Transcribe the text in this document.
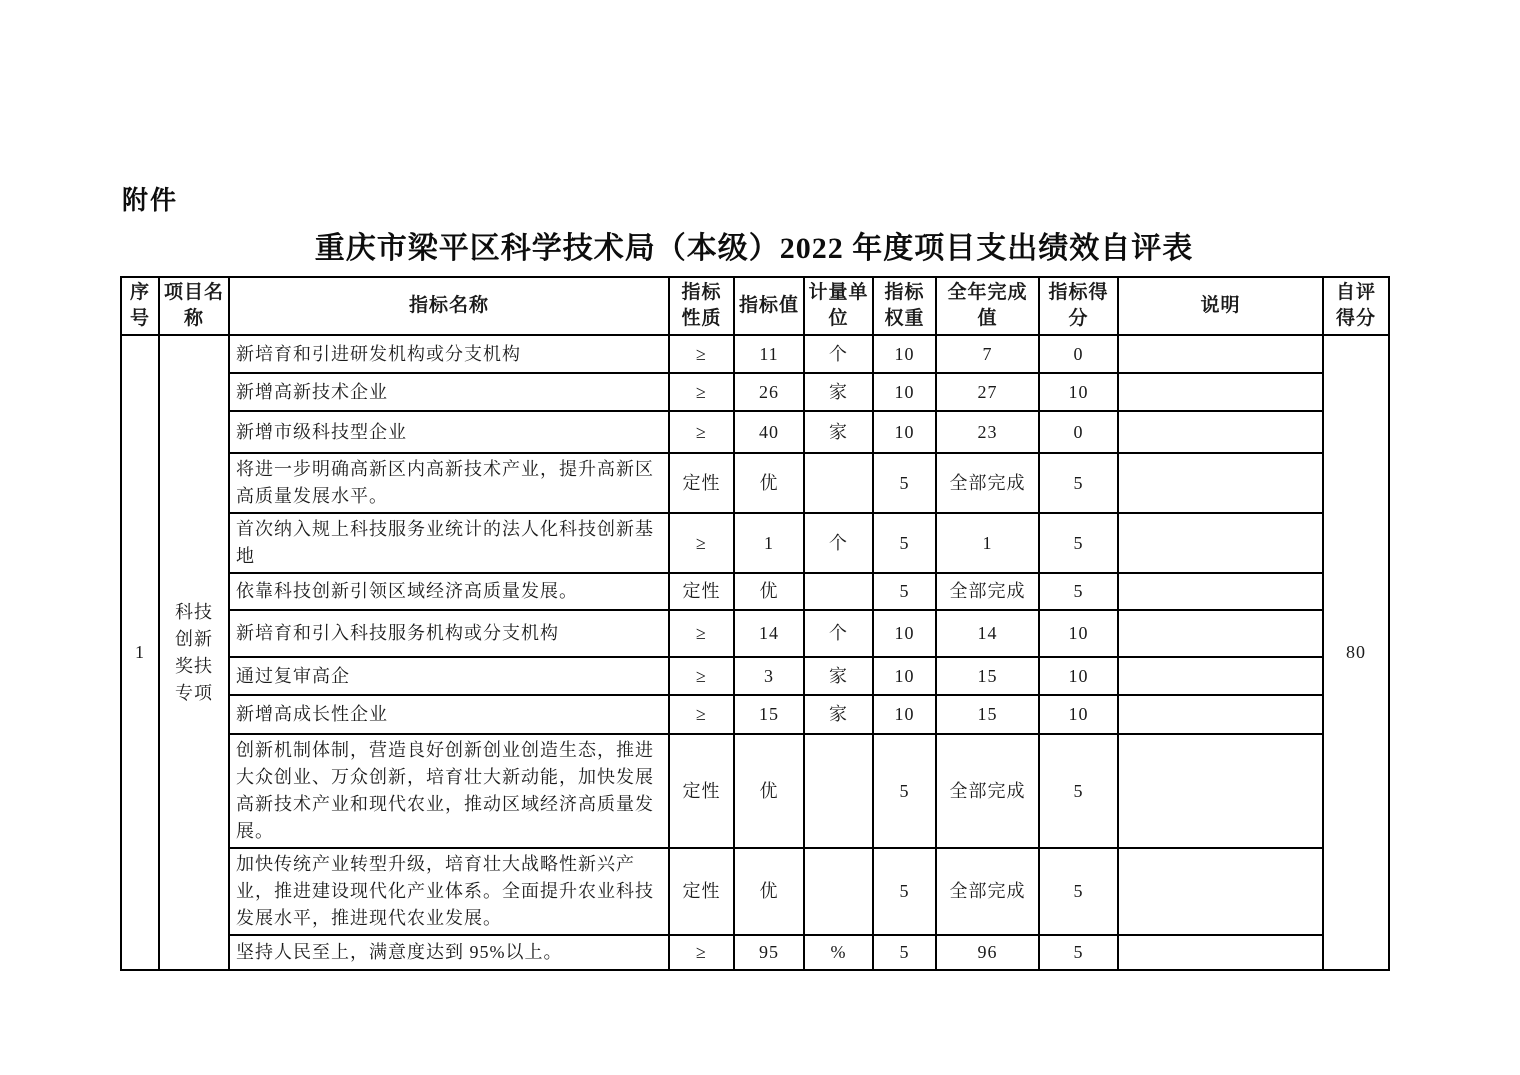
附件
重庆市梁平区科学技术局（本级）2022 年度项目支出绩效自评表
序号	项目名称	指标名称	指标性质	指标值	计量单位	指标权重	全年完成值	指标得分	说明	自评得分
1	科技创新奖扶专项	新培育和引进研发机构或分支机构	≥	11	个	10	7	0		80
		新增高新技术企业	≥	26	家	10	27	10		
		新增市级科技型企业	≥	40	家	10	23	0		
		将进一步明确高新区内高新技术产业，提升高新区高质量发展水平。	定性	优		5	全部完成	5		
		首次纳入规上科技服务业统计的法人化科技创新基地	≥	1	个	5	1	5		
		依靠科技创新引领区域经济高质量发展。	定性	优		5	全部完成	5		
		新培育和引入科技服务机构或分支机构	≥	14	个	10	14	10		
		通过复审高企	≥	3	家	10	15	10		
		新增高成长性企业	≥	15	家	10	15	10		
		创新机制体制，营造良好创新创业创造生态，推进大众创业、万众创新，培育壮大新动能，加快发展高新技术产业和现代农业，推动区域经济高质量发展。	定性	优		5	全部完成	5		
		加快传统产业转型升级，培育壮大战略性新兴产业，推进建设现代化产业体系。全面提升农业科技发展水平，推进现代农业发展。	定性	优		5	全部完成	5		
		坚持人民至上，满意度达到 95%以上。	≥	95	%	5	96	5		
